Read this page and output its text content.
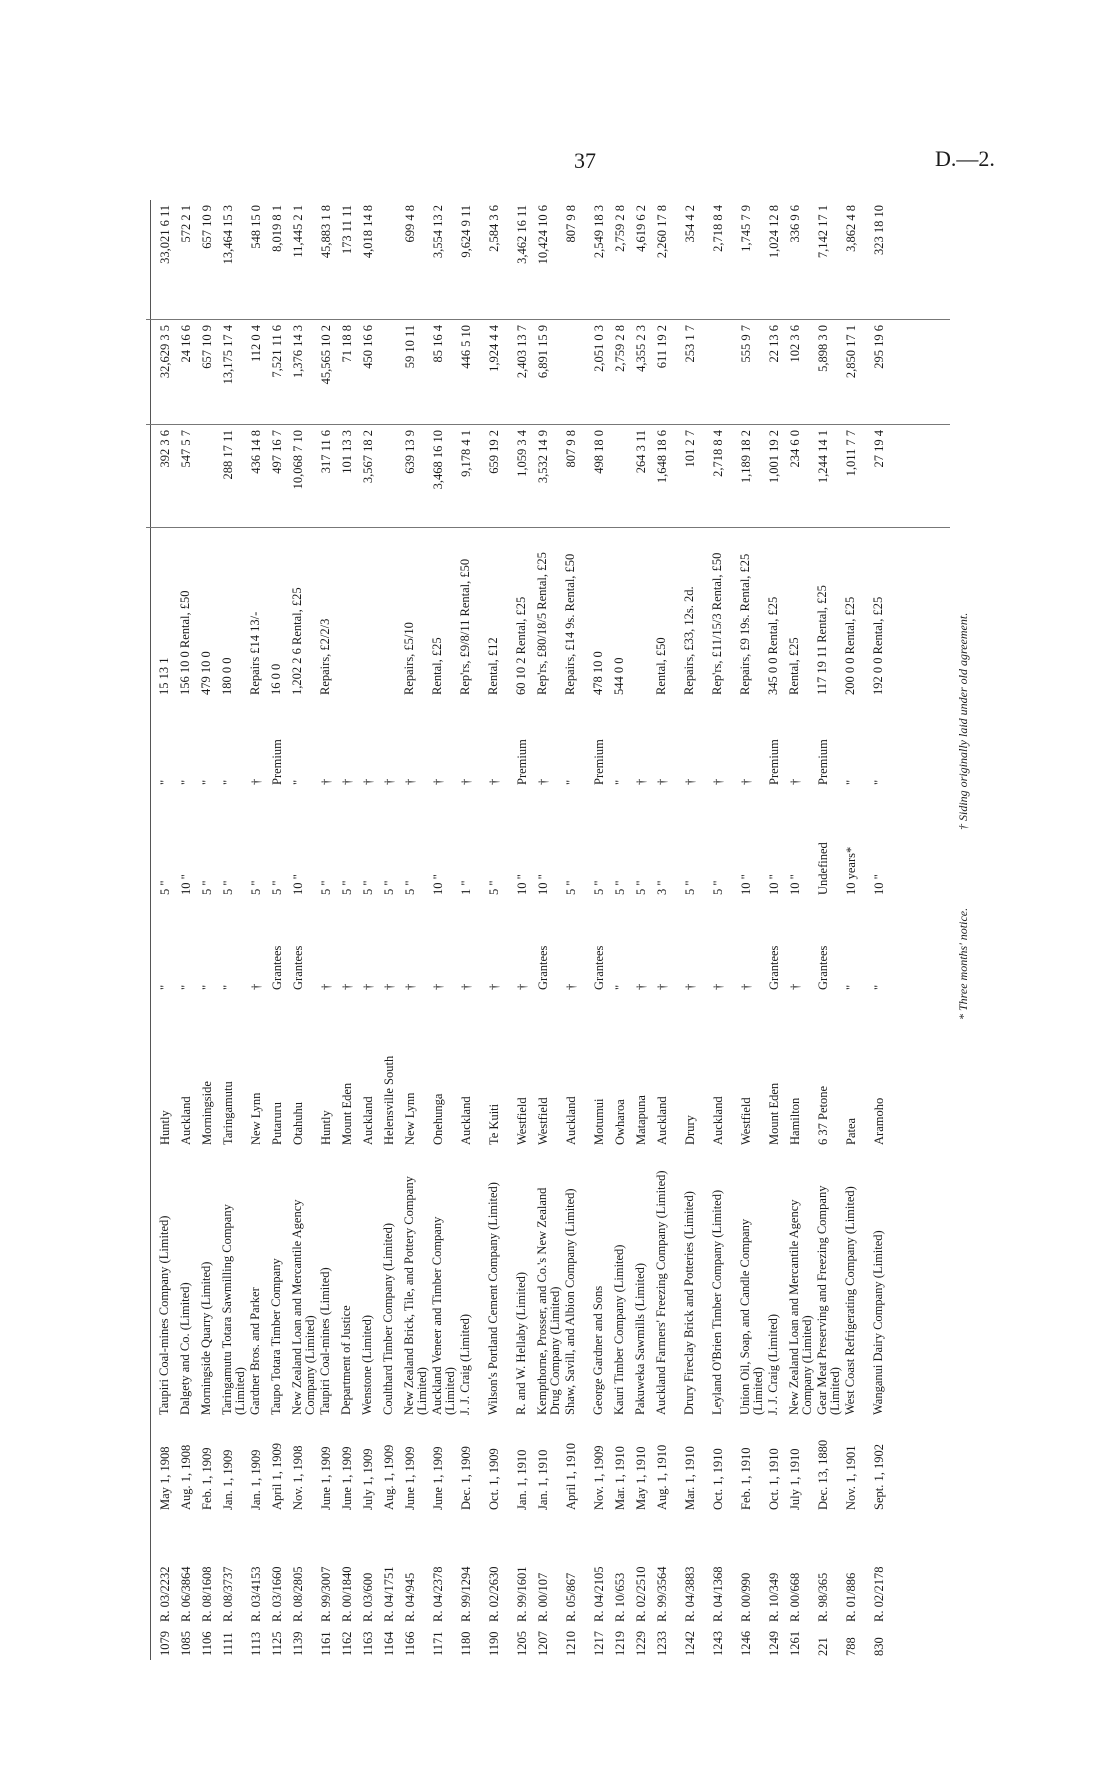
37	D.—2.
1079
R. 03/2232
May 1, 1908
Taupiri Coal-mines Company (Limited)
Huntly
"
5 "
"
15 13 1
392 3 6
32,629 3 5
33,021 6 11
1085
R. 06/3864
Aug. 1, 1908
Dalgety and Co. (Limited)
Auckland
"
10 "
"
156 10 0 Rental, £50
547 5 7
24 16 6
572 2 1
1106
R. 08/1608
Feb. 1, 1909
Morningside Quarry (Limited)
Morningside
"
5 "
"
479 10 0
657 10 9
657 10 9
1111
R. 08/3737
Jan. 1, 1909
Taringamutu Totara Sawmilling Company (Limited)
Taringamutu
"
5 "
"
180 0 0
288 17 11
13,175 17 4
13,464 15 3
1113
R. 03/4153
Jan. 1, 1909
Gardner Bros. and Parker
New Lynn
†
5 "
†
Repairs £14 13/-
436 14 8
112 0 4
548 15 0
1125
R. 03/1660
April 1, 1909
Taupo Totara Timber Company
Putaruru
Grantees
5 "
Premium
16 0 0
497 16 7
7,521 11 6
8,019 8 1
1139
R. 08/2805
Nov. 1, 1908
New Zealand Loan and Mercantile Agency Company (Limited)
Otahuhu
Grantees
10 "
"
1,202 2 6 Rental, £25
10,068 7 10
1,376 14 3
11,445 2 1
1161
R. 99/3007
June 1, 1909
Taupiri Coal-mines (Limited)
Huntly
†
5 "
†
Repairs, £2/2/3
317 11 6
45,565 10 2
45,883 1 8
1162
R. 00/1840
June 1, 1909
Department of Justice
Mount Eden
†
5 "
†
101 13 3
71 18 8
173 11 11
1163
R. 03/600
July 1, 1909
Wenstone (Limited)
Auckland
†
5 "
†
3,567 18 2
450 16 6
4,018 14 8
1164
R. 04/1751
Aug. 1, 1909
Coulthard Timber Company (Limited)
Helensville South
†
5 "
†
1166
R. 04/945
June 1, 1909
New Zealand Brick, Tile, and Pottery Company (Limited)
New Lynn
†
5 "
†
Repairs, £5/10
639 13 9
59 10 11
699 4 8
1171
R. 04/2378
June 1, 1909
Auckland Veneer and Timber Company (Limited)
Onehunga
†
10 "
†
Rental, £25
3,468 16 10
85 16 4
3,554 13 2
1180
R. 99/1294
Dec. 1, 1909
J. J. Craig (Limited)
Auckland
†
1 "
†
Rep'rs, £9/8/11 Rental, £50
9,178 4 1
446 5 10
9,624 9 11
1190
R. 02/2630
Oct. 1, 1909
Wilson's Portland Cement Company (Limited)
Te Kuiti
†
5 "
†
Rental, £12
659 19 2
1,924 4 4
2,584 3 6
1205
R. 99/1601
Jan. 1, 1910
R. and W. Hellaby (Limited)
Westfield
†
10 "
Premium
60 10 2 Rental, £25
1,059 3 4
2,403 13 7
3,462 16 11
1207
R. 00/107
Jan. 1, 1910
Kempthorne, Prosser, and Co.'s New Zealand Drug Company (Limited)
Westfield
Grantees
10 "
†
Rep'rs, £80/18/5 Rental, £25
3,532 14 9
6,891 15 9
10,424 10 6
1210
R. 05/867
April 1, 1910
Shaw, Savill, and Albion Company (Limited)
Auckland
†
5 "
"
Repairs, £14 9s. Rental, £50
807 9 8
807 9 8
1217
R. 04/2105
Nov. 1, 1909
George Gardner and Sons
Motumui
Grantees
5 "
Premium
478 10 0
498 18 0
2,051 0 3
2,549 18 3
1219
R. 10/653
Mar. 1, 1910
Kauri Timber Company (Limited)
Owharoa
"
5 "
"
544 0 0
2,759 2 8
2,759 2 8
1229
R. 02/2510
May 1, 1910
Pakuweka Sawmills (Limited)
Matapuna
†
5 "
†
264 3 11
4,355 2 3
4,619 6 2
1233
R. 99/3564
Aug. 1, 1910
Auckland Farmers' Freezing Company (Limited)
Auckland
†
3 "
†
Rental, £50
1,648 18 6
611 19 2
2,260 17 8
1242
R. 04/3883
Mar. 1, 1910
Drury Fireclay Brick and Potteries (Limited)
Drury
†
5 "
†
Repairs, £33, 12s. 2d.
101 2 7
253 1 7
354 4 2
1243
R. 04/1368
Oct. 1, 1910
Leyland O'Brien Timber Company (Limited)
Auckland
†
5 "
†
Rep'rs, £11/15/3 Rental, £50
2,718 8 4
2,718 8 4
1246
R. 00/990
Feb. 1, 1910
Union Oil, Soap, and Candle Company (Limited)
Westfield
†
10 "
†
Repairs, £9 19s. Rental, £25
1,189 18 2
555 9 7
1,745 7 9
1249
R. 10/349
Oct. 1, 1910
J. J. Craig (Limited)
Mount Eden
Grantees
10 "
Premium
345 0 0 Rental, £25
1,001 19 2
22 13 6
1,024 12 8
1261
R. 00/668
July 1, 1910
New Zealand Loan and Mercantile Agency Company (Limited)
Hamilton
†
10 "
†
Rental, £25
234 6 0
102 3 6
336 9 6
221
R. 98/365
Dec. 13, 1880
Gear Meat Preserving and Freezing Company (Limited)
6 37 Petone
Grantees
Undefined
Premium
117 19 11 Rental, £25
1,244 14 1
5,898 3 0
7,142 17 1
788
R. 01/886
Nov. 1, 1901
West Coast Refrigerating Company (Limited)
Patea
"
10 years*
"
200 0 0 Rental, £25
1,011 7 7
2,850 17 1
3,862 4 8
830
R. 02/2178
Sept. 1, 1902
Wanganui Dairy Company (Limited)
Aramoho
"
10 "
"
192 0 0 Rental, £25
27 19 4
295 19 6
323 18 10
* Three months' notice.
† Siding originally laid under old agreement.
